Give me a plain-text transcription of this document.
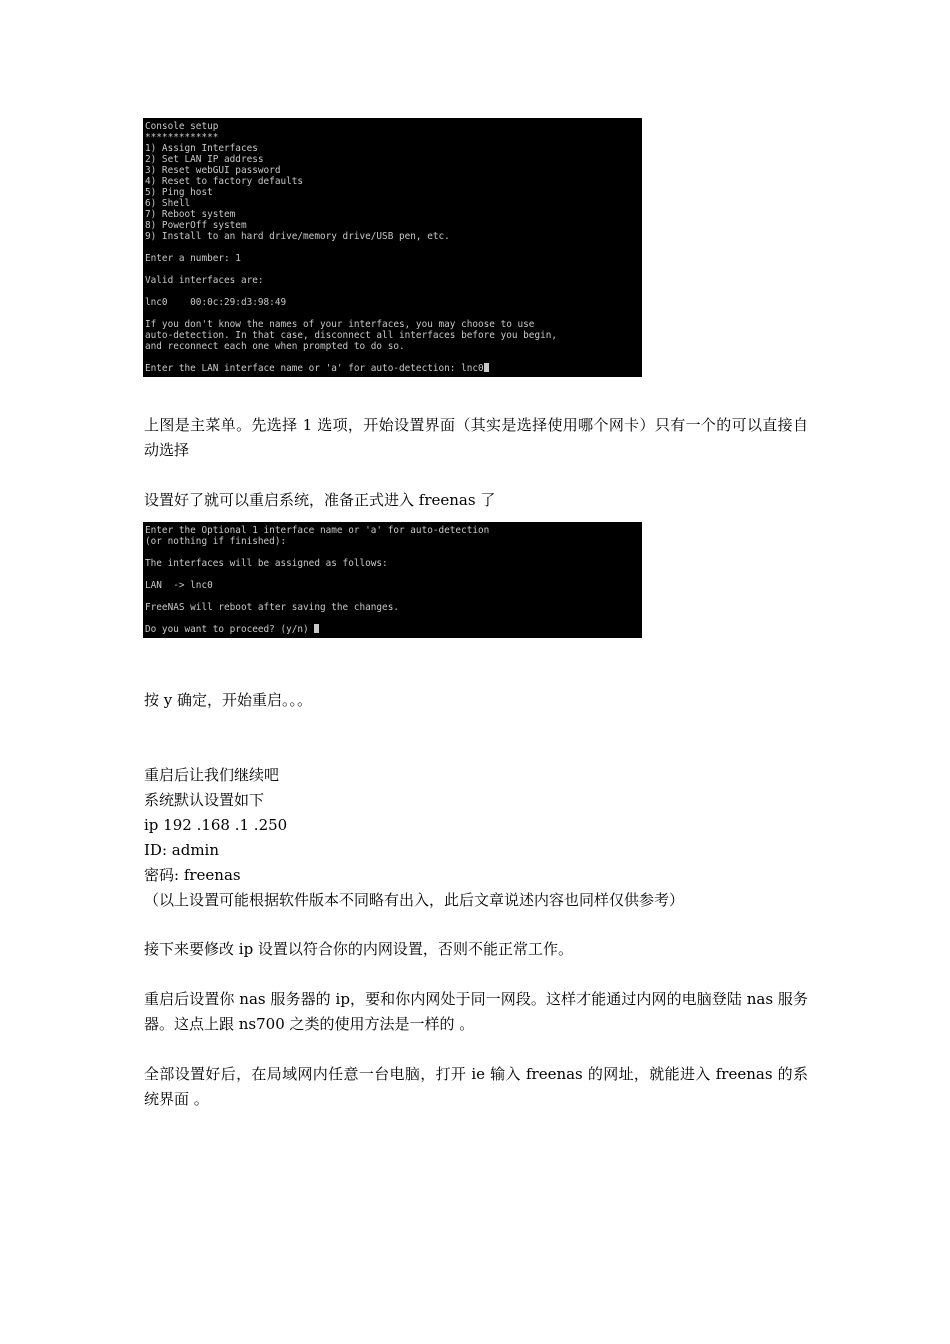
Console setup
*************
1) Assign Interfaces
2) Set LAN IP address
3) Reset webGUI password
4) Reset to factory defaults
5) Ping host
6) Shell
7) Reboot system
8) PowerOff system
9) Install to an hard drive/memory drive/USB pen, etc.
Enter a number: 1
Valid interfaces are:
lnc0    00:0c:29:d3:98:49
If you don't know the names of your interfaces, you may choose to use
auto-detection. In that case, disconnect all interfaces before you begin,
and reconnect each one when prompted to do so.
Enter the LAN interface name or 'a' for auto-detection: lnc0
上图是主菜单。先选择 1 选项，开始设置界面（其实是选择使用哪个网卡）只有一个的可以直接自动选择
设置好了就可以重启系统，准备正式进入 freenas 了
Enter the Optional 1 interface name or 'a' for auto-detection
(or nothing if finished):
The interfaces will be assigned as follows:
LAN  -> lnc0
FreeNAS will reboot after saving the changes.
Do you want to proceed? (y/n)
按 y 确定，开始重启。。。
重启后让我们继续吧
系统默认设置如下
ip 192 .168 .1 .250
ID: admin
密码: freenas
（以上设置可能根据软件版本不同略有出入，此后文章说述内容也同样仅供参考）
接下来要修改 ip 设置以符合你的内网设置，否则不能正常工作。
重启后设置你 nas 服务器的 ip，要和你内网处于同一网段。这样才能通过内网的电脑登陆 nas 服务器。这点上跟 ns700 之类的使用方法是一样的 。
全部设置好后，在局域网内任意一台电脑，打开 ie 输入 freenas 的网址，就能进入 freenas 的系统界面 。
